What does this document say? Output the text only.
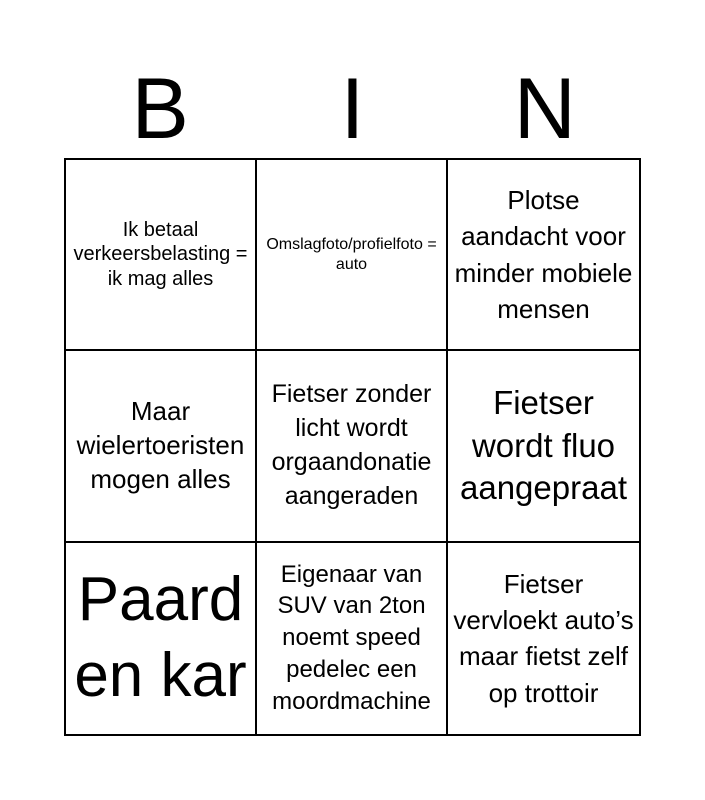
B	I	N
Ik betaal verkeersbelasting = ik mag alles
Omslagfoto/profielfoto = auto
Plotse aandacht voor minder mobiele mensen
Maar wielertoeristen mogen alles
Fietser zonder licht wordt orgaandonatie aangeraden
Fietser wordt fluo aangepraat
Paard en kar
Eigenaar van SUV van 2ton noemt speed pedelec een moordmachine
Fietser vervloekt auto’s maar fietst zelf op trottoir
